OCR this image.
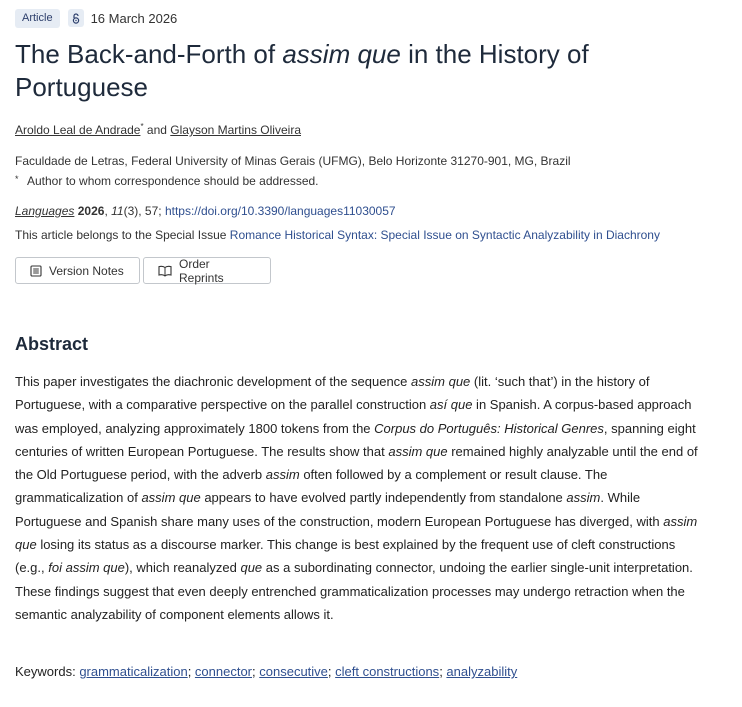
Article	16 March 2026
The Back-and-Forth of assim que in the History of Portuguese
Aroldo Leal de Andrade* and Glayson Martins Oliveira
Faculdade de Letras, Federal University of Minas Gerais (UFMG), Belo Horizonte 31270-901, MG, Brazil
* Author to whom correspondence should be addressed.
Languages 2026, 11(3), 57; https://doi.org/10.3390/languages11030057
This article belongs to the Special Issue Romance Historical Syntax: Special Issue on Syntactic Analyzability in Diachrony
Version Notes	Order Reprints
Abstract

This paper investigates the diachronic development of the sequence assim que (lit. ‘such that’) in the history of Portuguese, with a comparative perspective on the parallel construction así que in Spanish. A corpus-based approach was employed, analyzing approximately 1800 tokens from the Corpus do Português: Historical Genres, spanning eight centuries of written European Portuguese. The results show that assim que remained highly analyzable until the end of the Old Portuguese period, with the adverb assim often followed by a complement or result clause. The grammaticalization of assim que appears to have evolved partly independently from standalone assim. While Portuguese and Spanish share many uses of the construction, modern European Portuguese has diverged, with assim que losing its status as a discourse marker. This change is best explained by the frequent use of cleft constructions (e.g., foi assim que), which reanalyzed que as a subordinating connector, undoing the earlier single-unit interpretation. These findings suggest that even deeply entrenched grammaticalization processes may undergo retraction when the semantic analyzability of component elements allows it.

Keywords: grammaticalization; connector; consecutive; cleft constructions; analyzability
